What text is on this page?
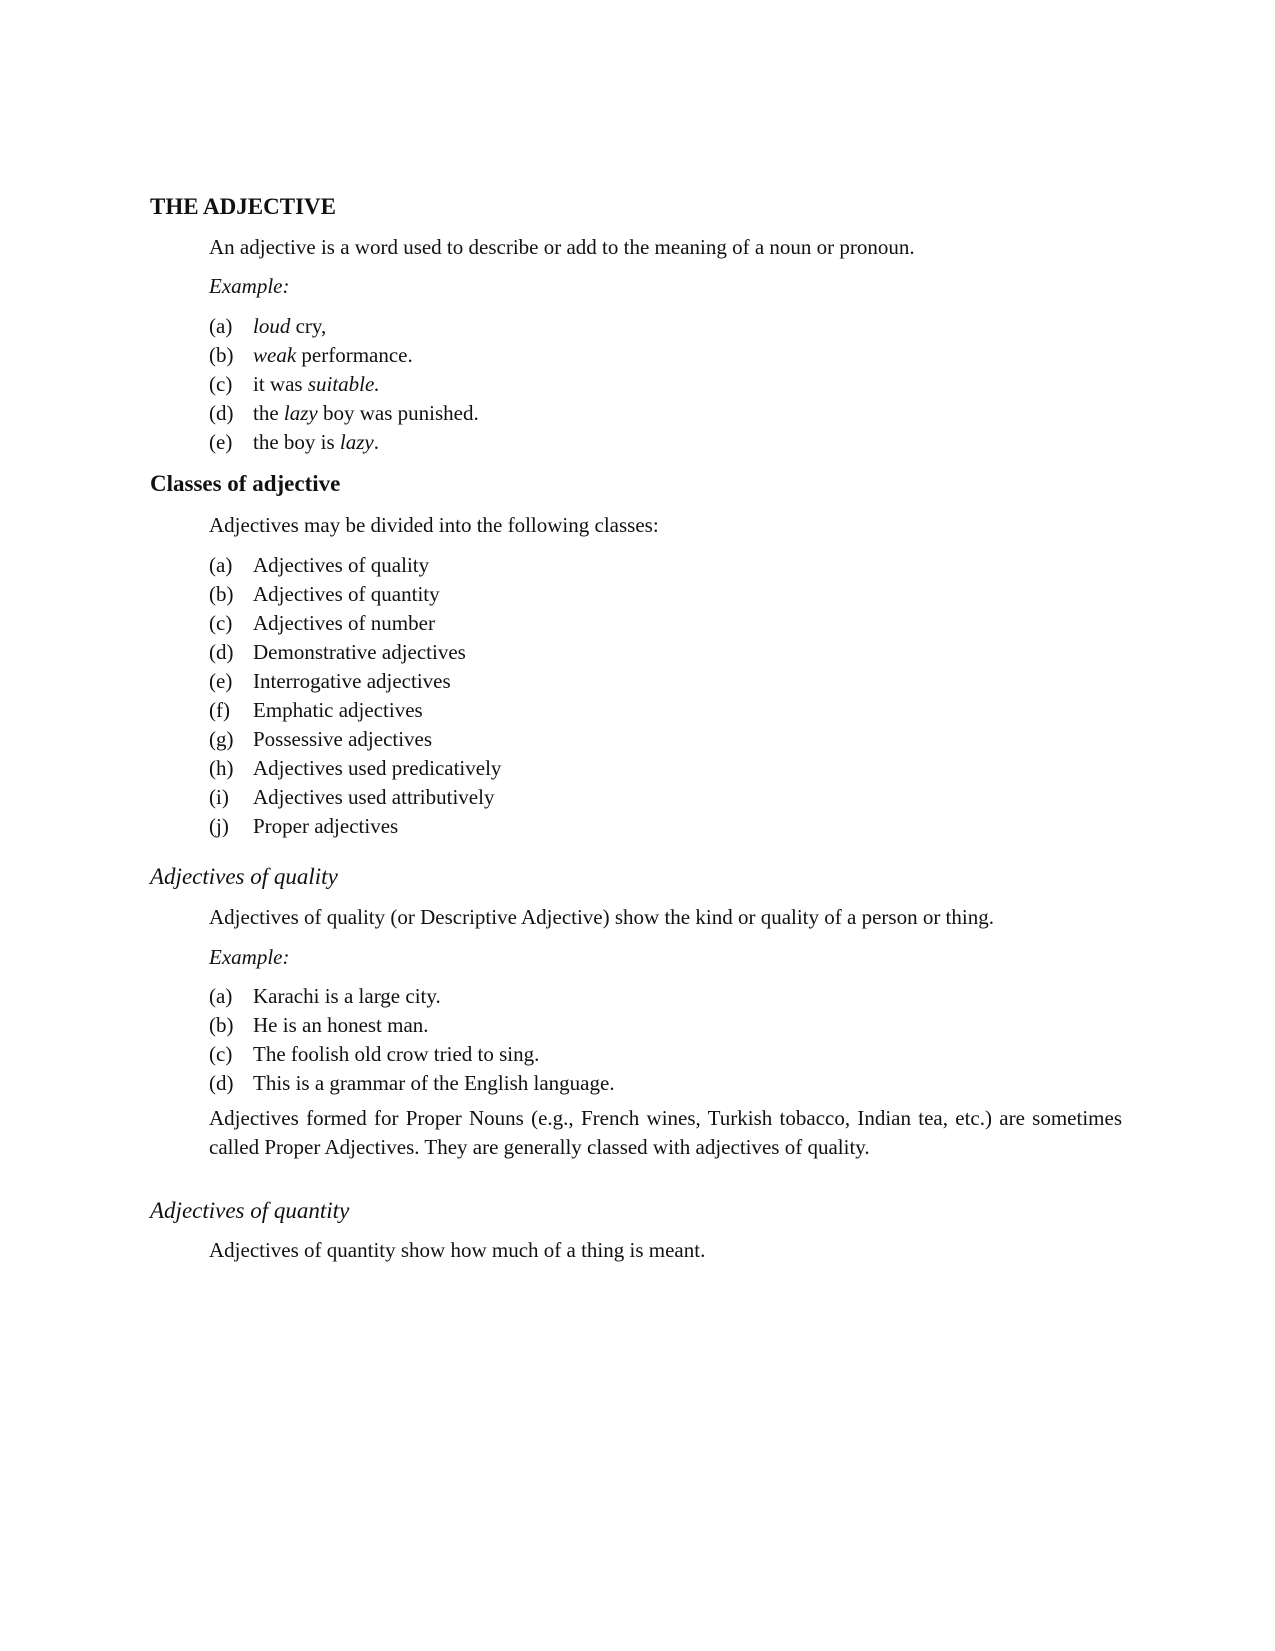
THE ADJECTIVE

An adjective is a word used to describe or add to the meaning of a noun or pronoun.

Example:

(a) loud cry,
(b) weak performance.
(c) it was suitable.
(d) the lazy boy was punished.
(e) the boy is lazy.
Classes of adjective

Adjectives may be divided into the following classes:

(a) Adjectives of quality
(b) Adjectives of quantity
(c) Adjectives of number
(d) Demonstrative adjectives
(e) Interrogative adjectives
(f) Emphatic adjectives
(g) Possessive adjectives
(h) Adjectives used predicatively
(i) Adjectives used attributively
(j) Proper adjectives
Adjectives of quality

Adjectives of quality (or Descriptive Adjective) show the kind or quality of a person or thing.

Example:

(a) Karachi is a large city.
(b) He is an honest man.
(c) The foolish old crow tried to sing.
(d) This is a grammar of the English language.

Adjectives formed for Proper Nouns (e.g., French wines, Turkish tobacco, Indian tea, etc.) are sometimes called Proper Adjectives. They are generally classed with adjectives of quality.

Adjectives of quantity

Adjectives of quantity show how much of a thing is meant.
